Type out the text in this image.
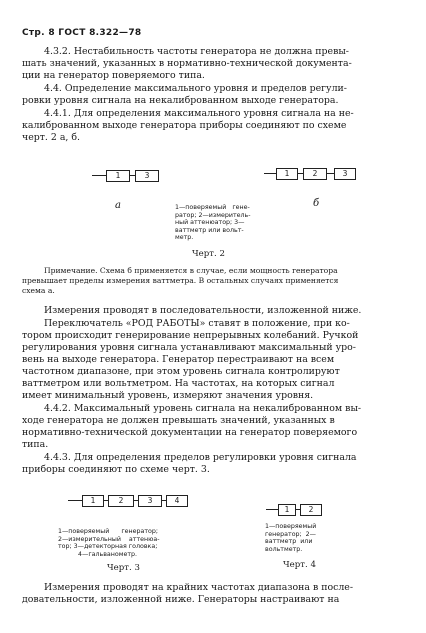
Стр. 8 ГОСТ 8.322—78
4.3.2. Нестабильность частоты генератора не должна превы-
шать значений, указанных в нормативно-технической документа-
ции на генератор поверяемого типа.
4.4. Определение максимального уровня и пределов регули-
ровки уровня сигнала на некалиброванном выходе генератора.
4.4.1. Для определения максимального уровня сигнала на не-
калиброванном выходе генератора приборы соединяют по схеме
черт. 2 а, б.
1	3	1	2	3
а	б
1—поверяемый   гене-
ратор; 2—измеритель-
ный аттенюатор; 3—
ваттметр или вольт-
метр.
Черт. 2
Примечание. Схема б применяется в случае, если мощность генератора
превышает пределы измерения ваттметра. В остальных случаях применяется
схема а.
Измерения проводят в последовательности, изложенной ниже.
Переключатель «РОД РАБОТЫ» ставят в положение, при ко-
тором происходит генерирование непрерывных колебаний. Ручкой
регулирования уровня сигнала устанавливают максимальный уро-
вень на выходе генератора. Генератор перестраивают на всем
частотном диапазоне, при этом уровень сигнала контролируют
ваттметром или вольтметром. На частотах, на которых сигнал
имеет минимальный уровень, измеряют значения уровня.
4.4.2. Максимальный уровень сигнала на некалиброванном вы-
ходе генератора не должен превышать значений, указанных в
нормативно-технической документации на генератор поверяемого
типа.
4.4.3. Для определения пределов регулировки уровня сигнала
приборы соединяют по схеме черт. 3.
1	2	3	4
1—поверяемый      генератор;
2—измерительный    аттенюа-
тор; 3—детекторная головка;
4—гальванометр.
Черт. 3
1	2
1—поверяемый
генератор;  2—
ваттметр  или
вольтметр.
Черт. 4
Измерения проводят на крайних частотах диапазона в после-
довательности, изложенной ниже. Генераторы настраивают на
